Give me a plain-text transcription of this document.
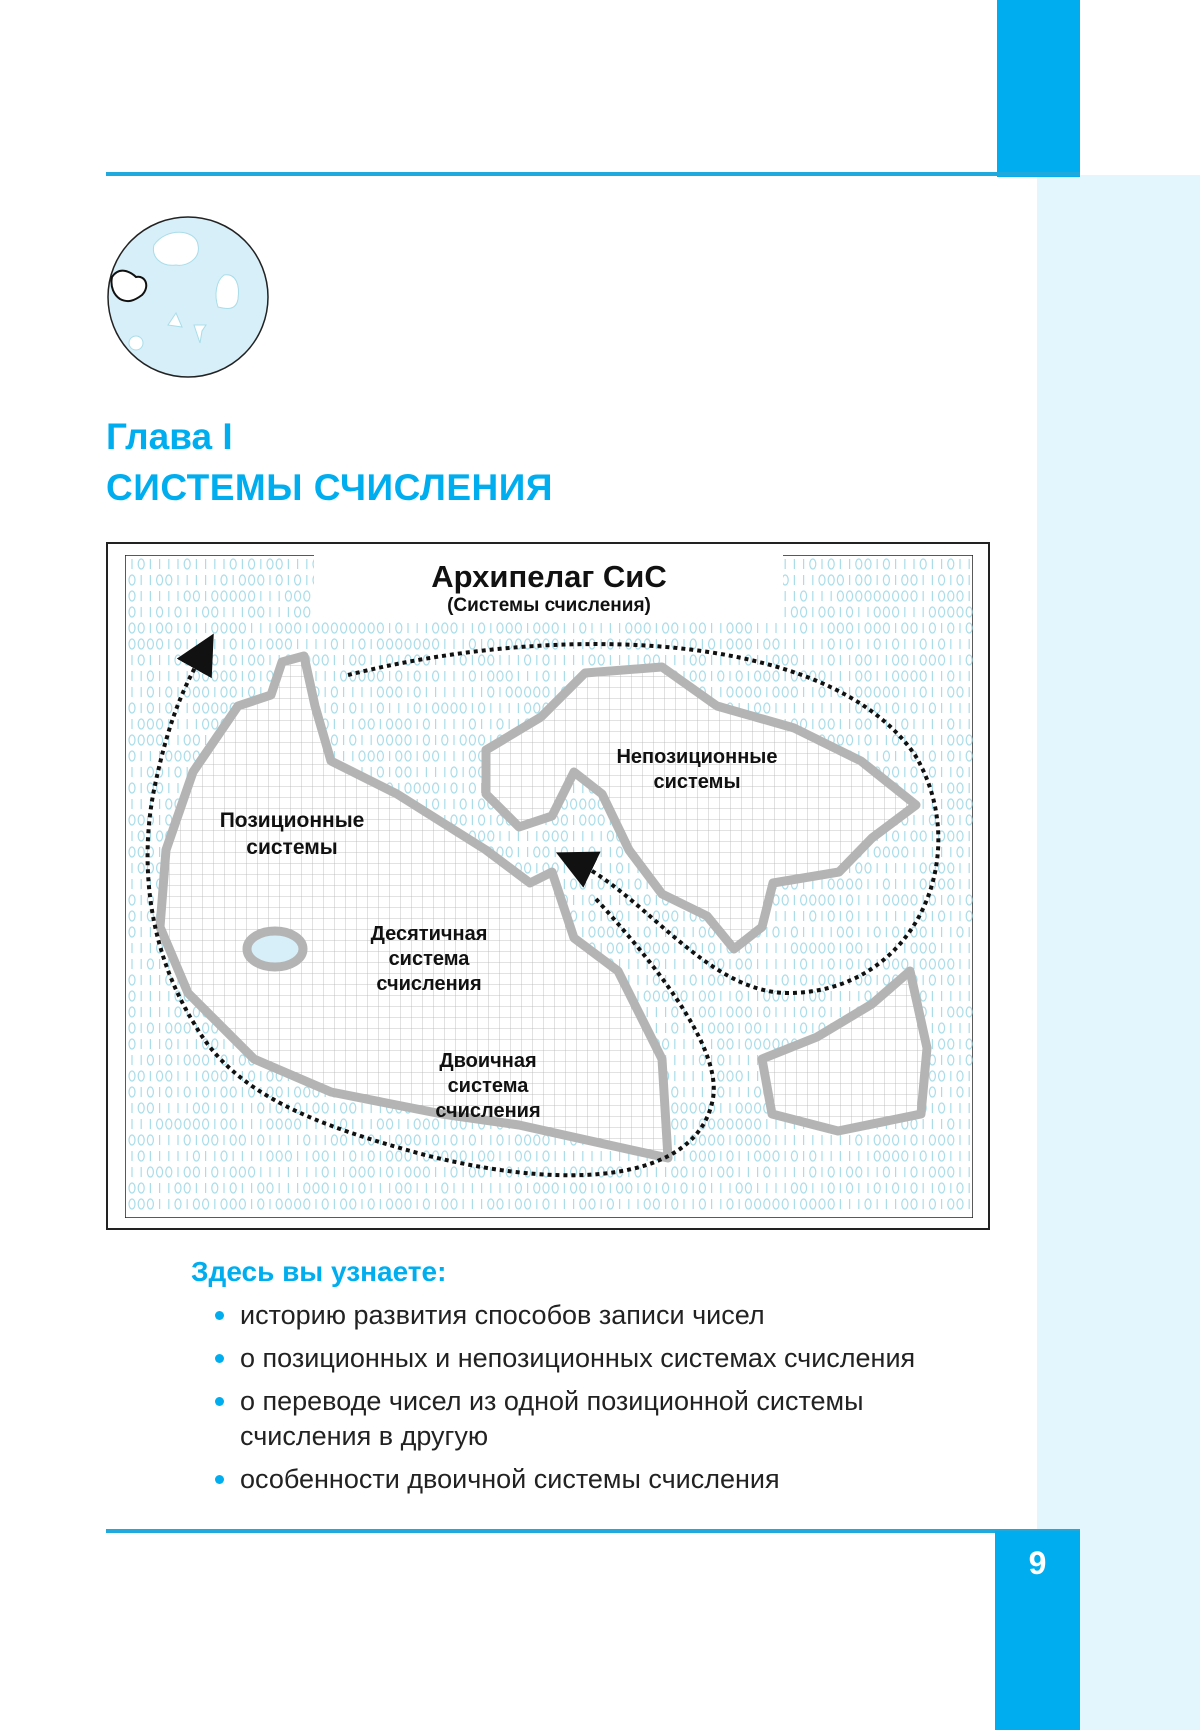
Глава I
СИСТЕМЫ СЧИСЛЕНИЯ
Архипелаг СиС
(Системы счисления)
Позиционные
системы
Непозиционные
системы
Десятичная
система
счисления
Двоичная
система
счисления
Здесь вы узнаете:
историю развития способов записи чисел
о позиционных и непозиционных системах счисления
о переводе чисел из одной позиционной системы счисления в другую
особенности двоичной системы счисления
9
